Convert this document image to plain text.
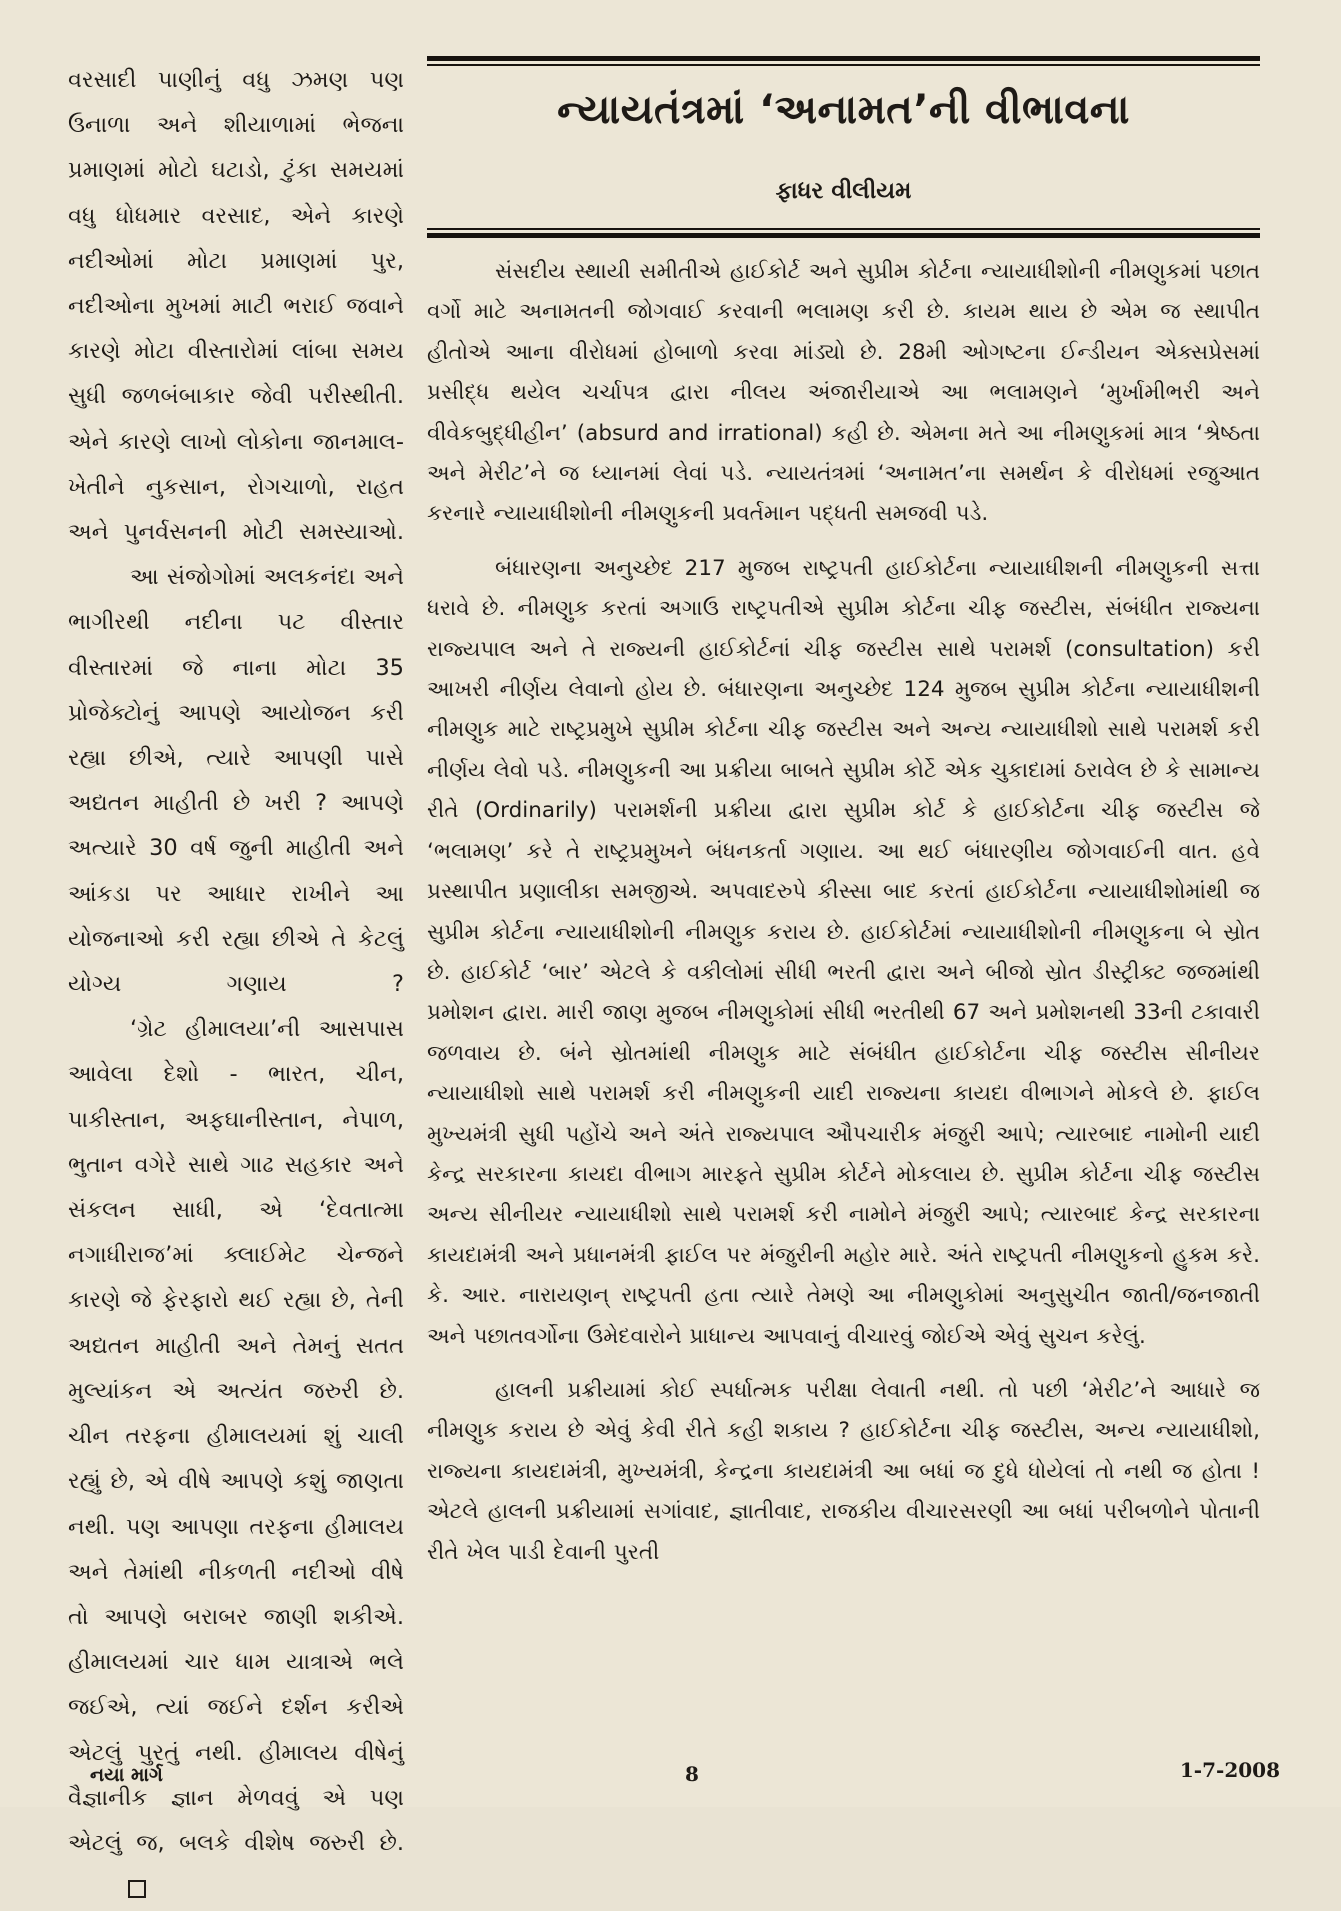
વરસાદી પાણીનું વધુ ઝમણ પણ ઉનાળા અને શીયાળામાં ભેજના પ્રમાણમાં મોટો ઘટાડો, ટુંકા સમયમાં વધુ ધોધમાર વરસાદ, એને કારણે નદીઓમાં મોટા પ્રમાણમાં પુર, નદીઓના મુખમાં માટી ભરાઈ જવાને કારણે મોટા વીસ્તારોમાં લાંબા સમય સુધી જળબંબાકાર જેવી પરીસ્થીતી. એને કારણે લાખો લોકોના જાનમાલ-ખેતીને નુકસાન, રોગચાળો, રાહત અને પુનર્વસનની મોટી સમસ્યાઓ.

આ સંજોગોમાં અલકનંદા અને ભાગીરથી નદીના પટ વીસ્તાર વીસ્તારમાં જે નાના મોટા 35 પ્રોજેક્ટોનું આપણે આયોજન કરી રહ્યા છીએ, ત્યારે આપણી પાસે અદ્યતન માહીતી છે ખરી ? આપણે અત્યારે 30 વર્ષ જુની માહીતી અને આંકડા પર આધાર રાખીને આ યોજનાઓ કરી રહ્યા છીએ તે કેટલું યોગ્ય ગણાય ?

‘ગ્રેટ હીમાલયા’ની આસપાસ આવેલા દેશો - ભારત, ચીન, પાકીસ્તાન, અફઘાનીસ્તાન, નેપાળ, ભુતાન વગેરે સાથે ગાઢ સહકાર અને સંકલન સાધી, એ ‘દેવતાત્મા નગાધીરાજ’માં ક્લાઈમેટ ચેન્જને કારણે જે ફેરફારો થઈ રહ્યા છે, તેની અદ્યતન માહીતી અને તેમનું સતત મુલ્યાંકન એ અત્યંત જરુરી છે. ચીન તરફના હીમાલયમાં શું ચાલી રહ્યું છે, એ વીષે આપણે કશું જાણતા નથી. પણ આપણા તરફના હીમાલય અને તેમાંથી નીકળતી નદીઓ વીષે તો આપણે બરાબર જાણી શકીએ. હીમાલયમાં ચાર ધામ યાત્રાએ ભલે જઈએ, ત્યાં જઈને દર્શન કરીએ એટલું પુરતું નથી. હીમાલય વીષેનું વૈજ્ઞાનીક જ્ઞાન મેળવવું એ પણ એટલું જ, બલકે વીશેષ જરુરી છે.

ન્યાયતંત્રમાં ‘અનામત’ની વીભાવના
ફાધર વીલીયમ

સંસદીય સ્થાયી સમીતીએ હાઈકોર્ટ અને સુપ્રીમ કોર્ટના ન્યાયાધીશોની નીમણુકમાં પછાત વર્ગો માટે અનામતની જોગવાઈ કરવાની ભલામણ કરી છે. કાયમ થાય છે એમ જ સ્થાપીત હીતોએ આના વીરોધમાં હોબાળો કરવા માંડ્યો છે. 28મી ઓગષ્ટના ઈન્ડીયન એક્સપ્રેસમાં પ્રસીદ્ધ થયેલ ચર્ચાપત્ર દ્વારા નીલય અંજારીયાએ આ ભલામણને ‘મુર્ખામીભરી અને વીવેકબુદ્ધીહીન’ (absurd and irrational) કહી છે. એમના મતે આ નીમણુકમાં માત્ર ‘શ્રેષ્ઠતા અને મેરીટ’ને જ ધ્યાનમાં લેવાં પડે. ન્યાયતંત્રમાં ‘અનામત’ના સમર્થન કે વીરોધમાં રજુઆત કરનારે ન્યાયાધીશોની નીમણુકની પ્રવર્તમાન પદ્ધતી સમજવી પડે.

બંધારણના અનુચ્છેદ 217 મુજબ રાષ્ટ્રપતી હાઈકોર્ટના ન્યાયાધીશની નીમણુકની સત્તા ધરાવે છે. નીમણુક કરતાં અગાઉ રાષ્ટ્રપતીએ સુપ્રીમ કોર્ટના ચીફ જસ્ટીસ, સંબંધીત રાજ્યના રાજ્યપાલ અને તે રાજ્યની હાઈકોર્ટનાં ચીફ જસ્ટીસ સાથે પરામર્શ (consultation) કરી આખરી નીર્ણય લેવાનો હોય છે. બંધારણના અનુચ્છેદ 124 મુજબ સુપ્રીમ કોર્ટના ન્યાયાધીશની નીમણુક માટે રાષ્ટ્રપ્રમુખે સુપ્રીમ કોર્ટના ચીફ જસ્ટીસ અને અન્ય ન્યાયાધીશો સાથે પરામર્શ કરી નીર્ણય લેવો પડે. નીમણુકની આ પ્રક્રીયા બાબતે સુપ્રીમ કોર્ટે એક ચુકાદામાં ઠરાવેલ છે કે સામાન્ય રીતે (Ordinarily) પરામર્શની પ્રક્રીયા દ્વારા સુપ્રીમ કોર્ટ કે હાઈકોર્ટના ચીફ જસ્ટીસ જે ‘ભલામણ’ કરે તે રાષ્ટ્રપ્રમુખને બંધનકર્તા ગણાય. આ થઈ બંધારણીય જોગવાઈની વાત. હવે પ્રસ્થાપીત પ્રણાલીકા સમજીએ. અપવાદરુપે કીસ્સા બાદ કરતાં હાઈકોર્ટના ન્યાયાધીશોમાંથી જ સુપ્રીમ કોર્ટના ન્યાયાધીશોની નીમણુક કરાય છે. હાઈકોર્ટમાં ન્યાયાધીશોની નીમણુકના બે સ્રોત છે. હાઈકોર્ટ ‘બાર’ એટલે કે વકીલોમાં સીધી ભરતી દ્વારા અને બીજો સ્રોત ડીસ્ટ્રીક્ટ જજમાંથી પ્રમોશન દ્વારા. મારી જાણ મુજબ નીમણુકોમાં સીધી ભરતીથી 67 અને પ્રમોશનથી 33ની ટકાવારી જળવાય છે. બંને સ્રોતમાંથી નીમણુક માટે સંબંધીત હાઈકોર્ટના ચીફ જસ્ટીસ સીનીયર ન્યાયાધીશો સાથે પરામર્શ કરી નીમણુકની યાદી રાજ્યના કાયદા વીભાગને મોકલે છે. ફાઈલ મુખ્યમંત્રી સુધી પહોંચે અને અંતે રાજ્યપાલ ઔપચારીક મંજુરી આપે; ત્યારબાદ નામોની યાદી કેન્દ્ર સરકારના કાયદા વીભાગ મારફતે સુપ્રીમ કોર્ટને મોકલાય છે. સુપ્રીમ કોર્ટના ચીફ જસ્ટીસ અન્ય સીનીયર ન્યાયાધીશો સાથે પરામર્શ કરી નામોને મંજુરી આપે; ત્યારબાદ કેન્દ્ર સરકારના કાયદામંત્રી અને પ્રધાનમંત્રી ફાઈલ પર મંજુરીની મહોર મારે. અંતે રાષ્ટ્રપતી નીમણુકનો હુકમ કરે. કે. આર. નારાયણન્ રાષ્ટ્રપતી હતા ત્યારે તેમણે આ નીમણુકોમાં અનુસુચીત જાતી/જનજાતી અને પછાતવર્ગોના ઉમેદવારોને પ્રાધાન્ય આપવાનું વીચારવું જોઈએ એવું સુચન કરેલું.

હાલની પ્રક્રીયામાં કોઈ સ્પર્ધાત્મક પરીક્ષા લેવાતી નથી. તો પછી ‘મેરીટ’ને આધારે જ નીમણુક કરાય છે એવું કેવી રીતે કહી શકાય ? હાઈકોર્ટના ચીફ જસ્ટીસ, અન્ય ન્યાયાધીશો, રાજ્યના કાયદામંત્રી, મુખ્યમંત્રી, કેન્દ્રના કાયદામંત્રી આ બધાં જ દુધે ધોયેલાં તો નથી જ હોતા ! એટલે હાલની પ્રક્રીયામાં સગાંવાદ, જ્ઞાતીવાદ, રાજકીય વીચારસરણી આ બધાં પરીબળોને પોતાની રીતે ખેલ પાડી દેવાની પુરતી

નયા માર્ગ	8	1-7-2008
